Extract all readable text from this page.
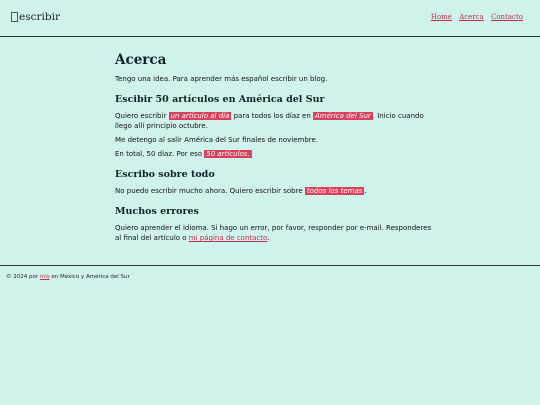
escribir	Home Acerca Contacto
Acerca

Tengo una idea. Para aprender más español escribir un blog.

Escibir 50 artículos en América del Sur

Quiero escribir un artículo al día para todos los díaz en América del Sur . Inicio cuando llego allí principio octubre.

Me detengo al salir América del Sur finales de noviembre.

En total, 50 díaz. Por eso 50 artículos.

Escribo sobre todo

No puedo escribir mucho ahora. Quiero escribir sobre todos los temas .

Muchos errores

Quiero aprender el idioma. Si hago un error, por favor, responder por e-mail. Responderes al final del artículo o mi página de contacto.

© 2024 por mis en México y América del Sur
